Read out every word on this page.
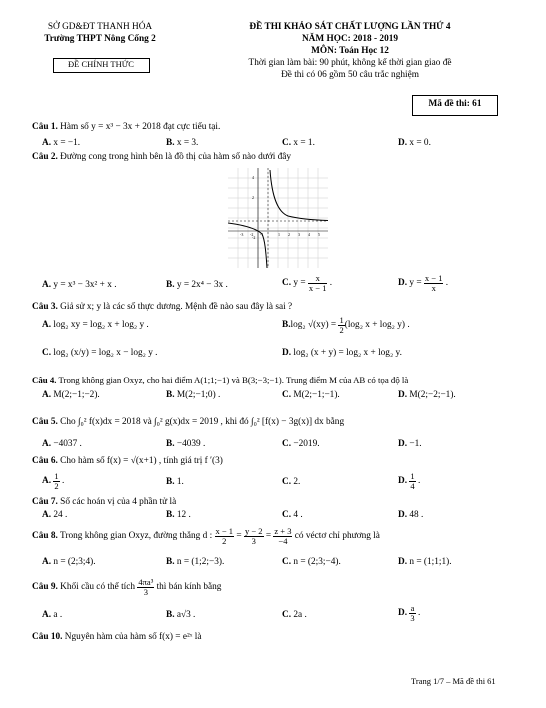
SỞ GD&ĐT THANH HÓA
Trường THPT Nông Cống 2
ĐỀ CHÍNH THỨC
ĐỀ THI KHẢO SÁT CHẤT LƯỢNG LẦN THỨ 4
NĂM HỌC: 2018 - 2019
MÔN: Toán Học 12
Thời gian làm bài: 90 phút, không kể thời gian giao đề
Đề thi có 06 gồm 50 câu trắc nghiệm
Mã đề thi: 61
Câu 1. Hàm số y = x³ − 3x + 2018 đạt cực tiểu tại.
A. x = −1.	B. x = 3.	C. x = 1.	D. x = 0.
Câu 2. Đường cong trong hình bên là đồ thị của hàm số nào dưới đây
-3 -2 -1	1 2 3 4 5
4
2
-2
A. y = x³ − 3x² + x .	B. y = 2x⁴ − 3x .	C. $y = \frac{x}{x - 1}$ .	D. $y = \frac{x - 1}{x}$ .
Câu 3. Giả sử x; y là các số thực dương. Mệnh đề nào sau đây là sai ?
A. log₂ xy = log₂ x + log₂ y .	B.log₂ $√(xy) = \frac{1}{2} (\log_2$ x + log₂ y) .
C. log₂ (x/y) = log₂ x − log₂ y .	D. log₂ (x + y) = log₂ x + log₂ y.
Câu 4. Trong không gian Oxyz, cho hai điểm A(1;1;−1) và B(3;−3;−1). Trung điểm M của AB có tọa độ là
A. M(2;−1;−2).	B. M(2;−1;0) .	C. M(2;−1;−1).	D. M(2;−2;−1).
Câu 5. Cho ∫₀² f(x)dx = 2018 và ∫₀² g(x)dx = 2019 , khi đó ∫₀² [f(x) − 3g(x)] dx bằng
A. −4037 .	B. −4039 .	C. −2019.	D. −1.
Câu 6. Cho hàm số f(x) = √(x+1) , tính giá trị f ′(3)
A. $\frac{1}{2}$ .	B. 1.	C. 2.	D. $\frac{1}{4}$ .
Câu 7. Số các hoán vị của 4 phần tử là
A. 24 .	B. 12 .	C. 4 .	D. 48 .
Câu 8. Trong không gian Oxyz, đường thẳng d : $\frac{x - 1}{2} = \frac{y - 2}{3} = \frac{z + 3}{-4}$ có véctơ chỉ phương là
A. n = (2;3;4).	B. n = (1;2;−3).	C. n = (2;3;−4).	D. n = (1;1;1).
Câu 9. Khối cầu có thể tích $\frac{\text{4πa³}}{3}$ thì bán kính bằng
A. a .	B. a√3 .	C. 2a .	D. $\frac{a}{3}$ .
Câu 10. Nguyên hàm của hàm số f(x) = e²ˣ là
Trang 1/7 – Mã đề thi 61
